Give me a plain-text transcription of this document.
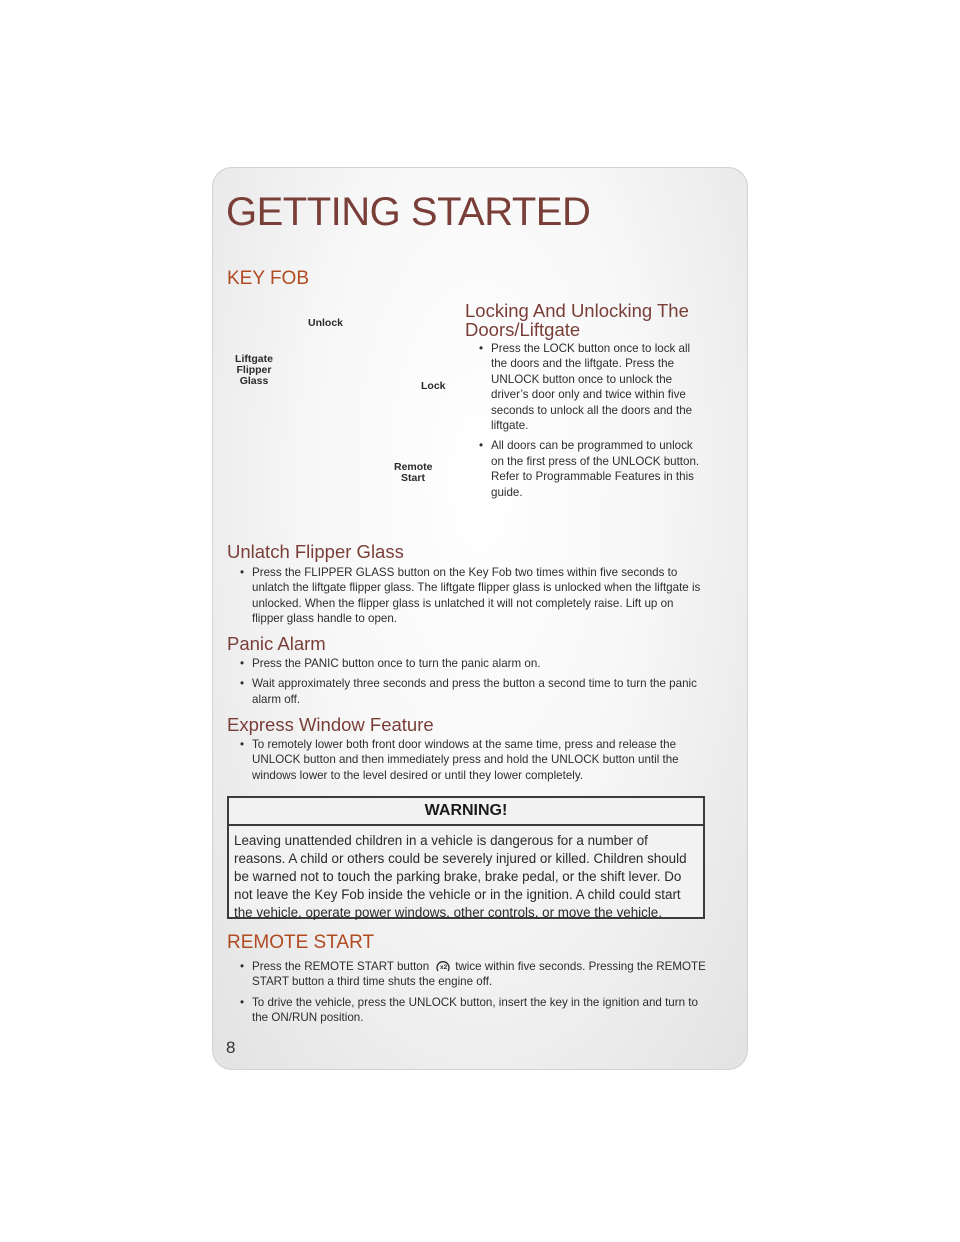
GETTING STARTED
KEY FOB
Unlock
Liftgate
Flipper
Glass	Lock
Remote
Start
Locking And Unlocking The
Doors/Liftgate
• Press the LOCK button once to lock all the doors and the liftgate. Press the UNLOCK button once to unlock the driver’s door only and twice within five seconds to unlock all the doors and the liftgate.
• All doors can be programmed to unlock on the first press of the UNLOCK button. Refer to Programmable Features in this guide.
Unlatch Flipper Glass
• Press the FLIPPER GLASS button on the Key Fob two times within five seconds to unlatch the liftgate flipper glass. The liftgate flipper glass is unlocked when the liftgate is unlocked. When the flipper glass is unlatched it will not completely raise. Lift up on flipper glass handle to open.
Panic Alarm
• Press the PANIC button once to turn the panic alarm on.
• Wait approximately three seconds and press the button a second time to turn the panic alarm off.
Express Window Feature
• To remotely lower both front door windows at the same time, press and release the UNLOCK button and then immediately press and hold the UNLOCK button until the windows lower to the level desired or until they lower completely.
WARNING!
Leaving unattended children in a vehicle is dangerous for a number of reasons. A child or others could be severely injured or killed. Children should be warned not to touch the parking brake, brake pedal, or the shift lever. Do not leave the Key Fob inside the vehicle or in the ignition. A child could start the vehicle, operate power windows, other controls, or move the vehicle.
REMOTE START
• Press the REMOTE START button x2 twice within five seconds. Pressing the REMOTE START button a third time shuts the engine off.
• To drive the vehicle, press the UNLOCK button, insert the key in the ignition and turn to the ON/RUN position.
8
